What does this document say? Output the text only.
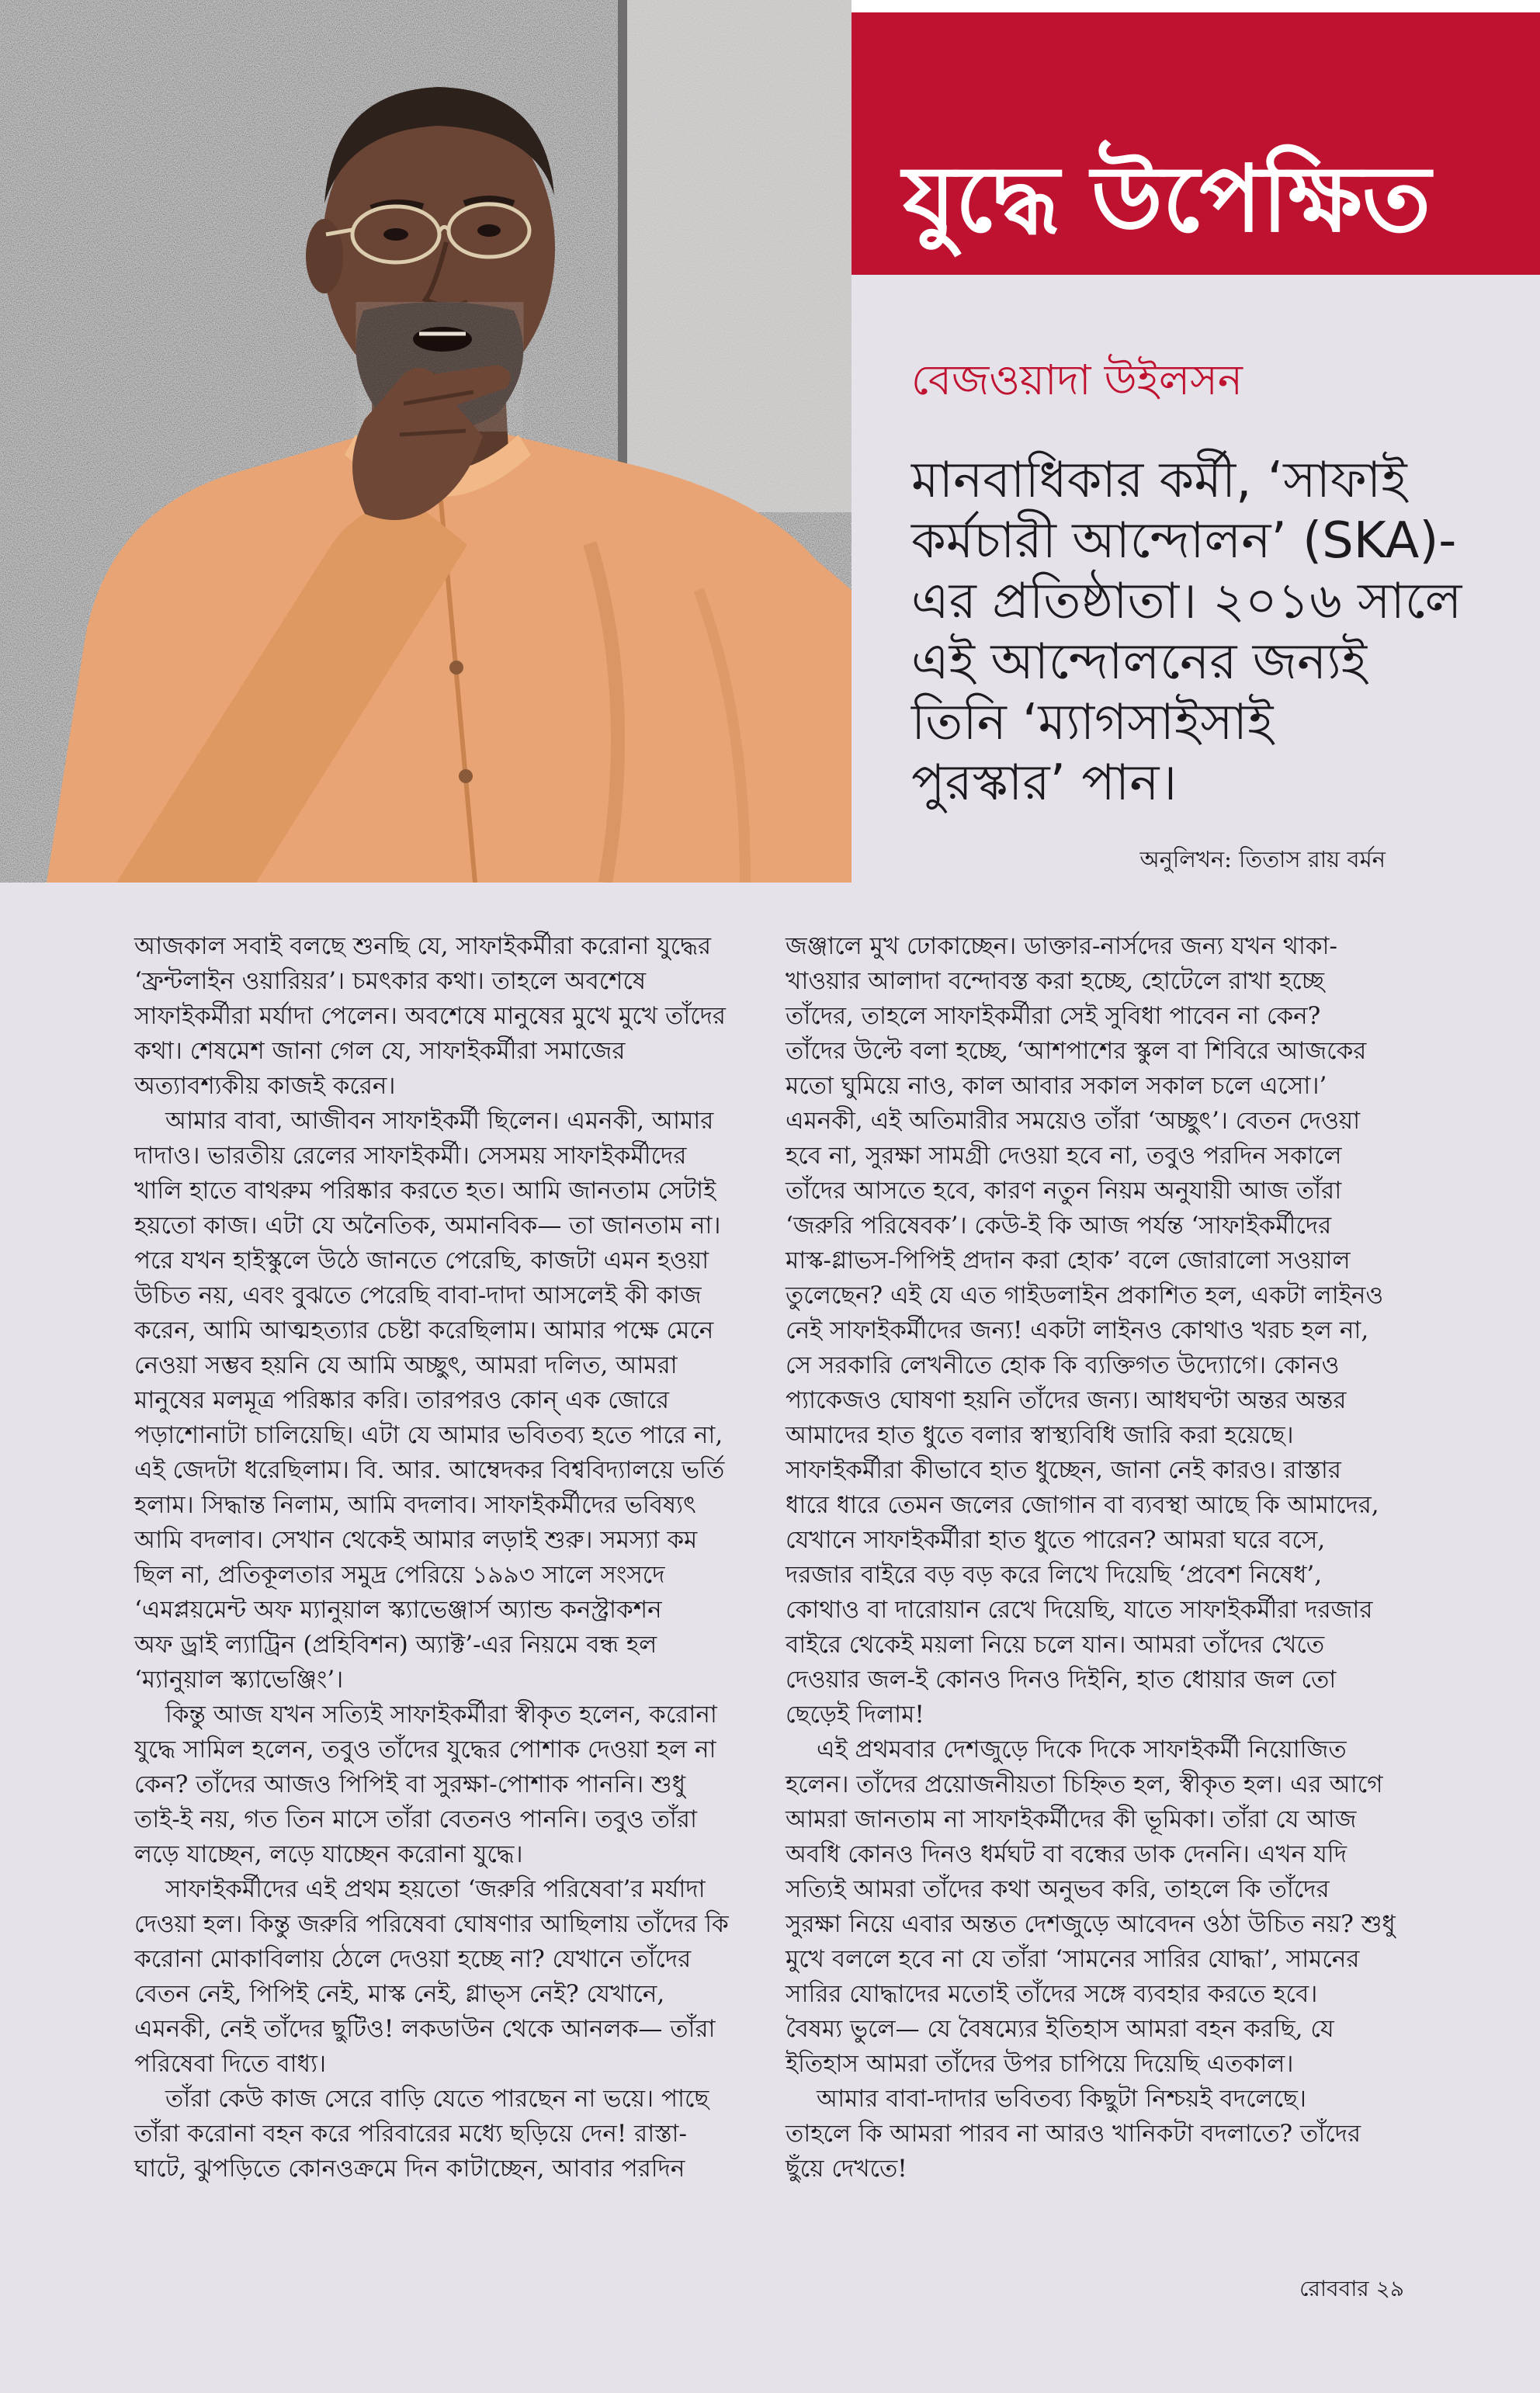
যুদ্ধে উপেক্ষিত
বেজওয়াদা উইলসন
মানবাধিকার কর্মী, ‘সাফাই
কর্মচারী আন্দোলন’ (SKA)-
এর প্রতিষ্ঠাতা। ২০১৬ সালে
এই আন্দোলনের জন্যই
তিনি ‘ম্যাগসাইসাই
পুরস্কার’ পান।
অনুলিখন: তিতাস রায় বর্মন
আজকাল সবাই বলছে শুনছি যে, সাফাইকর্মীরা করোনা যুদ্ধের
‘ফ্রন্টলাইন ওয়ারিয়র’। চমৎকার কথা। তাহলে অবশেষে
সাফাইকর্মীরা মর্যাদা পেলেন। অবশেষে মানুষের মুখে মুখে তাঁদের
কথা। শেষমেশ জানা গেল যে, সাফাইকর্মীরা সমাজের
অত্যাবশ্যকীয় কাজই করেন।
আমার বাবা, আজীবন সাফাইকর্মী ছিলেন। এমনকী, আমার
দাদাও। ভারতীয় রেলের সাফাইকর্মী। সেসময় সাফাইকর্মীদের
খালি হাতে বাথরুম পরিষ্কার করতে হত। আমি জানতাম সেটাই
হয়তো কাজ। এটা যে অনৈতিক, অমানবিক— তা জানতাম না।
পরে যখন হাইস্কুলে উঠে জানতে পেরেছি, কাজটা এমন হওয়া
উচিত নয়, এবং বুঝতে পেরেছি বাবা-দাদা আসলেই কী কাজ
করেন, আমি আত্মহত্যার চেষ্টা করেছিলাম। আমার পক্ষে মেনে
নেওয়া সম্ভব হয়নি যে আমি অচ্ছুৎ, আমরা দলিত, আমরা
মানুষের মলমূত্র পরিষ্কার করি। তারপরও কোন্ এক জোরে
পড়াশোনাটা চালিয়েছি। এটা যে আমার ভবিতব্য হতে পারে না,
এই জেদটা ধরেছিলাম। বি. আর. আম্বেদকর বিশ্ববিদ্যালয়ে ভর্তি
হলাম। সিদ্ধান্ত নিলাম, আমি বদলাব। সাফাইকর্মীদের ভবিষ্যৎ
আমি বদলাব। সেখান থেকেই আমার লড়াই শুরু। সমস্যা কম
ছিল না, প্রতিকূলতার সমুদ্র পেরিয়ে ১৯৯৩ সালে সংসদে
‘এমপ্লয়মেন্ট অফ ম্যানুয়াল স্ক্যাভেঞ্জার্স অ্যান্ড কনস্ট্রাকশন
অফ ড্রাই ল্যাট্রিন (প্রহিবিশন) অ্যাক্ট’-এর নিয়মে বন্ধ হল
‘ম্যানুয়াল স্ক্যাভেঞ্জিং’।
কিন্তু আজ যখন সত্যিই সাফাইকর্মীরা স্বীকৃত হলেন, করোনা
যুদ্ধে সামিল হলেন, তবুও তাঁদের যুদ্ধের পোশাক দেওয়া হল না
কেন? তাঁদের আজও পিপিই বা সুরক্ষা-পোশাক পাননি। শুধু
তাই-ই নয়, গত তিন মাসে তাঁরা বেতনও পাননি। তবুও তাঁরা
লড়ে যাচ্ছেন, লড়ে যাচ্ছেন করোনা যুদ্ধে।
সাফাইকর্মীদের এই প্রথম হয়তো ‘জরুরি পরিষেবা’র মর্যাদা
দেওয়া হল। কিন্তু জরুরি পরিষেবা ঘোষণার আছিলায় তাঁদের কি
করোনা মোকাবিলায় ঠেলে দেওয়া হচ্ছে না? যেখানে তাঁদের
বেতন নেই, পিপিই নেই, মাস্ক নেই, গ্লাভ্স নেই? যেখানে,
এমনকী, নেই তাঁদের ছুটিও! লকডাউন থেকে আনলক— তাঁরা
পরিষেবা দিতে বাধ্য।
তাঁরা কেউ কাজ সেরে বাড়ি যেতে পারছেন না ভয়ে। পাছে
তাঁরা করোনা বহন করে পরিবারের মধ্যে ছড়িয়ে দেন! রাস্তা-
ঘাটে, ঝুপড়িতে কোনওক্রমে দিন কাটাচ্ছেন, আবার পরদিন
জঞ্জালে মুখ ঢোকাচ্ছেন। ডাক্তার-নার্সদের জন্য যখন থাকা-
খাওয়ার আলাদা বন্দোবস্ত করা হচ্ছে, হোটেলে রাখা হচ্ছে
তাঁদের, তাহলে সাফাইকর্মীরা সেই সুবিধা পাবেন না কেন?
তাঁদের উল্টে বলা হচ্ছে, ‘আশপাশের স্কুল বা শিবিরে আজকের
মতো ঘুমিয়ে নাও, কাল আবার সকাল সকাল চলে এসো।’
এমনকী, এই অতিমারীর সময়েও তাঁরা ‘অচ্ছুৎ’। বেতন দেওয়া
হবে না, সুরক্ষা সামগ্রী দেওয়া হবে না, তবুও পরদিন সকালে
তাঁদের আসতে হবে, কারণ নতুন নিয়ম অনুযায়ী আজ তাঁরা
‘জরুরি পরিষেবক’। কেউ-ই কি আজ পর্যন্ত ‘সাফাইকর্মীদের
মাস্ক-গ্লাভস-পিপিই প্রদান করা হোক’ বলে জোরালো সওয়াল
তুলেছেন? এই যে এত গাইডলাইন প্রকাশিত হল, একটা লাইনও
নেই সাফাইকর্মীদের জন্য! একটা লাইনও কোথাও খরচ হল না,
সে সরকারি লেখনীতে হোক কি ব্যক্তিগত উদ্যোগে। কোনও
প্যাকেজও ঘোষণা হয়নি তাঁদের জন্য। আধঘণ্টা অন্তর অন্তর
আমাদের হাত ধুতে বলার স্বাস্থ্যবিধি জারি করা হয়েছে।
সাফাইকর্মীরা কীভাবে হাত ধুচ্ছেন, জানা নেই কারও। রাস্তার
ধারে ধারে তেমন জলের জোগান বা ব্যবস্থা আছে কি আমাদের,
যেখানে সাফাইকর্মীরা হাত ধুতে পারেন? আমরা ঘরে বসে,
দরজার বাইরে বড় বড় করে লিখে দিয়েছি ‘প্রবেশ নিষেধ’,
কোথাও বা দারোয়ান রেখে দিয়েছি, যাতে সাফাইকর্মীরা দরজার
বাইরে থেকেই ময়লা নিয়ে চলে যান। আমরা তাঁদের খেতে
দেওয়ার জল-ই কোনও দিনও দিইনি, হাত ধোয়ার জল তো
ছেড়েই দিলাম!
এই প্রথমবার দেশজুড়ে দিকে দিকে সাফাইকর্মী নিয়োজিত
হলেন। তাঁদের প্রয়োজনীয়তা চিহ্নিত হল, স্বীকৃত হল। এর আগে
আমরা জানতাম না সাফাইকর্মীদের কী ভূমিকা। তাঁরা যে আজ
অবধি কোনও দিনও ধর্মঘট বা বন্ধের ডাক দেননি। এখন যদি
সত্যিই আমরা তাঁদের কথা অনুভব করি, তাহলে কি তাঁদের
সুরক্ষা নিয়ে এবার অন্তত দেশজুড়ে আবেদন ওঠা উচিত নয়? শুধু
মুখে বললে হবে না যে তাঁরা ‘সামনের সারির যোদ্ধা’, সামনের
সারির যোদ্ধাদের মতোই তাঁদের সঙ্গে ব্যবহার করতে হবে।
বৈষম্য ভুলে— যে বৈষম্যের ইতিহাস আমরা বহন করছি, যে
ইতিহাস আমরা তাঁদের উপর চাপিয়ে দিয়েছি এতকাল।
আমার বাবা-দাদার ভবিতব্য কিছুটা নিশ্চয়ই বদলেছে।
তাহলে কি আমরা পারব না আরও খানিকটা বদলাতে? তাঁদের
ছুঁয়ে দেখতে!
রোববার ২৯
